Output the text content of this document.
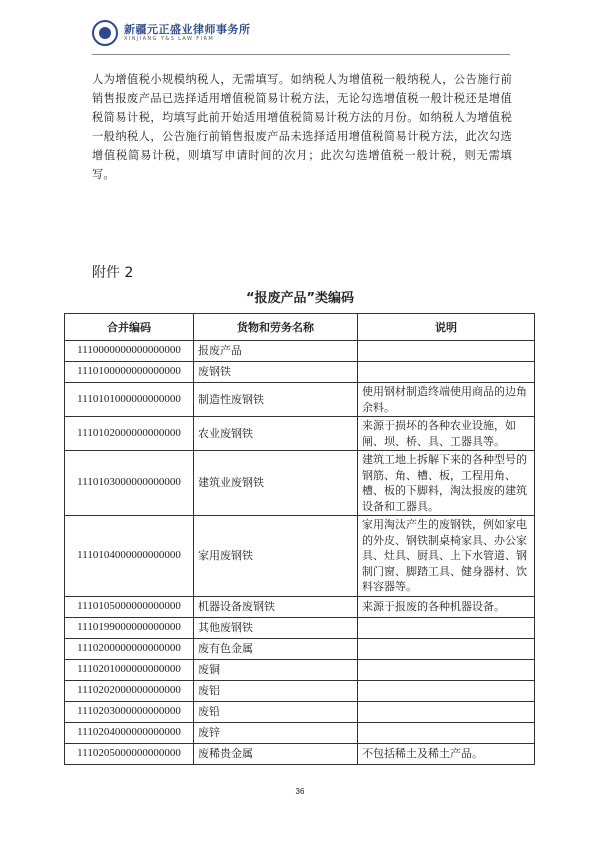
新疆元正盛业律师事务所
XINJIANG Y&S LAW FIRM
人为增值税小规模纳税人，无需填写。如纳税人为增值税一般纳税人，公告施行前销售报废产品已选择适用增值税简易计税方法，无论勾选增值税一般计税还是增值税简易计税，均填写此前开始适用增值税简易计税方法的月份。如纳税人为增值税一般纳税人，公告施行前销售报废产品未选择适用增值税简易计税方法，此次勾选增值税简易计税，则填写申请时间的次月；此次勾选增值税一般计税，则无需填写。
附件 2
“报废产品”类编码
合并编码	货物和劳务名称	说明
1110000000000000000	报废产品	
1110100000000000000	废钢铁	
1110101000000000000	制造性废钢铁	使用钢材制造终端使用商品的边角余料。
1110102000000000000	农业废钢铁	来源于损坏的各种农业设施，如闸、坝、桥、具、工器具等。
1110103000000000000	建筑业废钢铁	建筑工地上拆解下来的各种型号的钢筋、角、槽、板，工程用角、槽、板的下脚料，淘汰报废的建筑设备和工器具。
1110104000000000000	家用废钢铁	家用淘汰产生的废钢铁，例如家电的外皮、钢铁制桌椅家具、办公家具、灶具、厨具、上下水管道、钢制门窗、脚踏工具、健身器材、饮料容器等。
1110105000000000000	机器设备废钢铁	来源于报废的各种机器设备。
1110199000000000000	其他废钢铁	
1110200000000000000	废有色金属	
1110201000000000000	废铜	
1110202000000000000	废铝	
1110203000000000000	废铅	
1110204000000000000	废锌	
1110205000000000000	废稀贵金属	不包括稀土及稀土产品。
36
